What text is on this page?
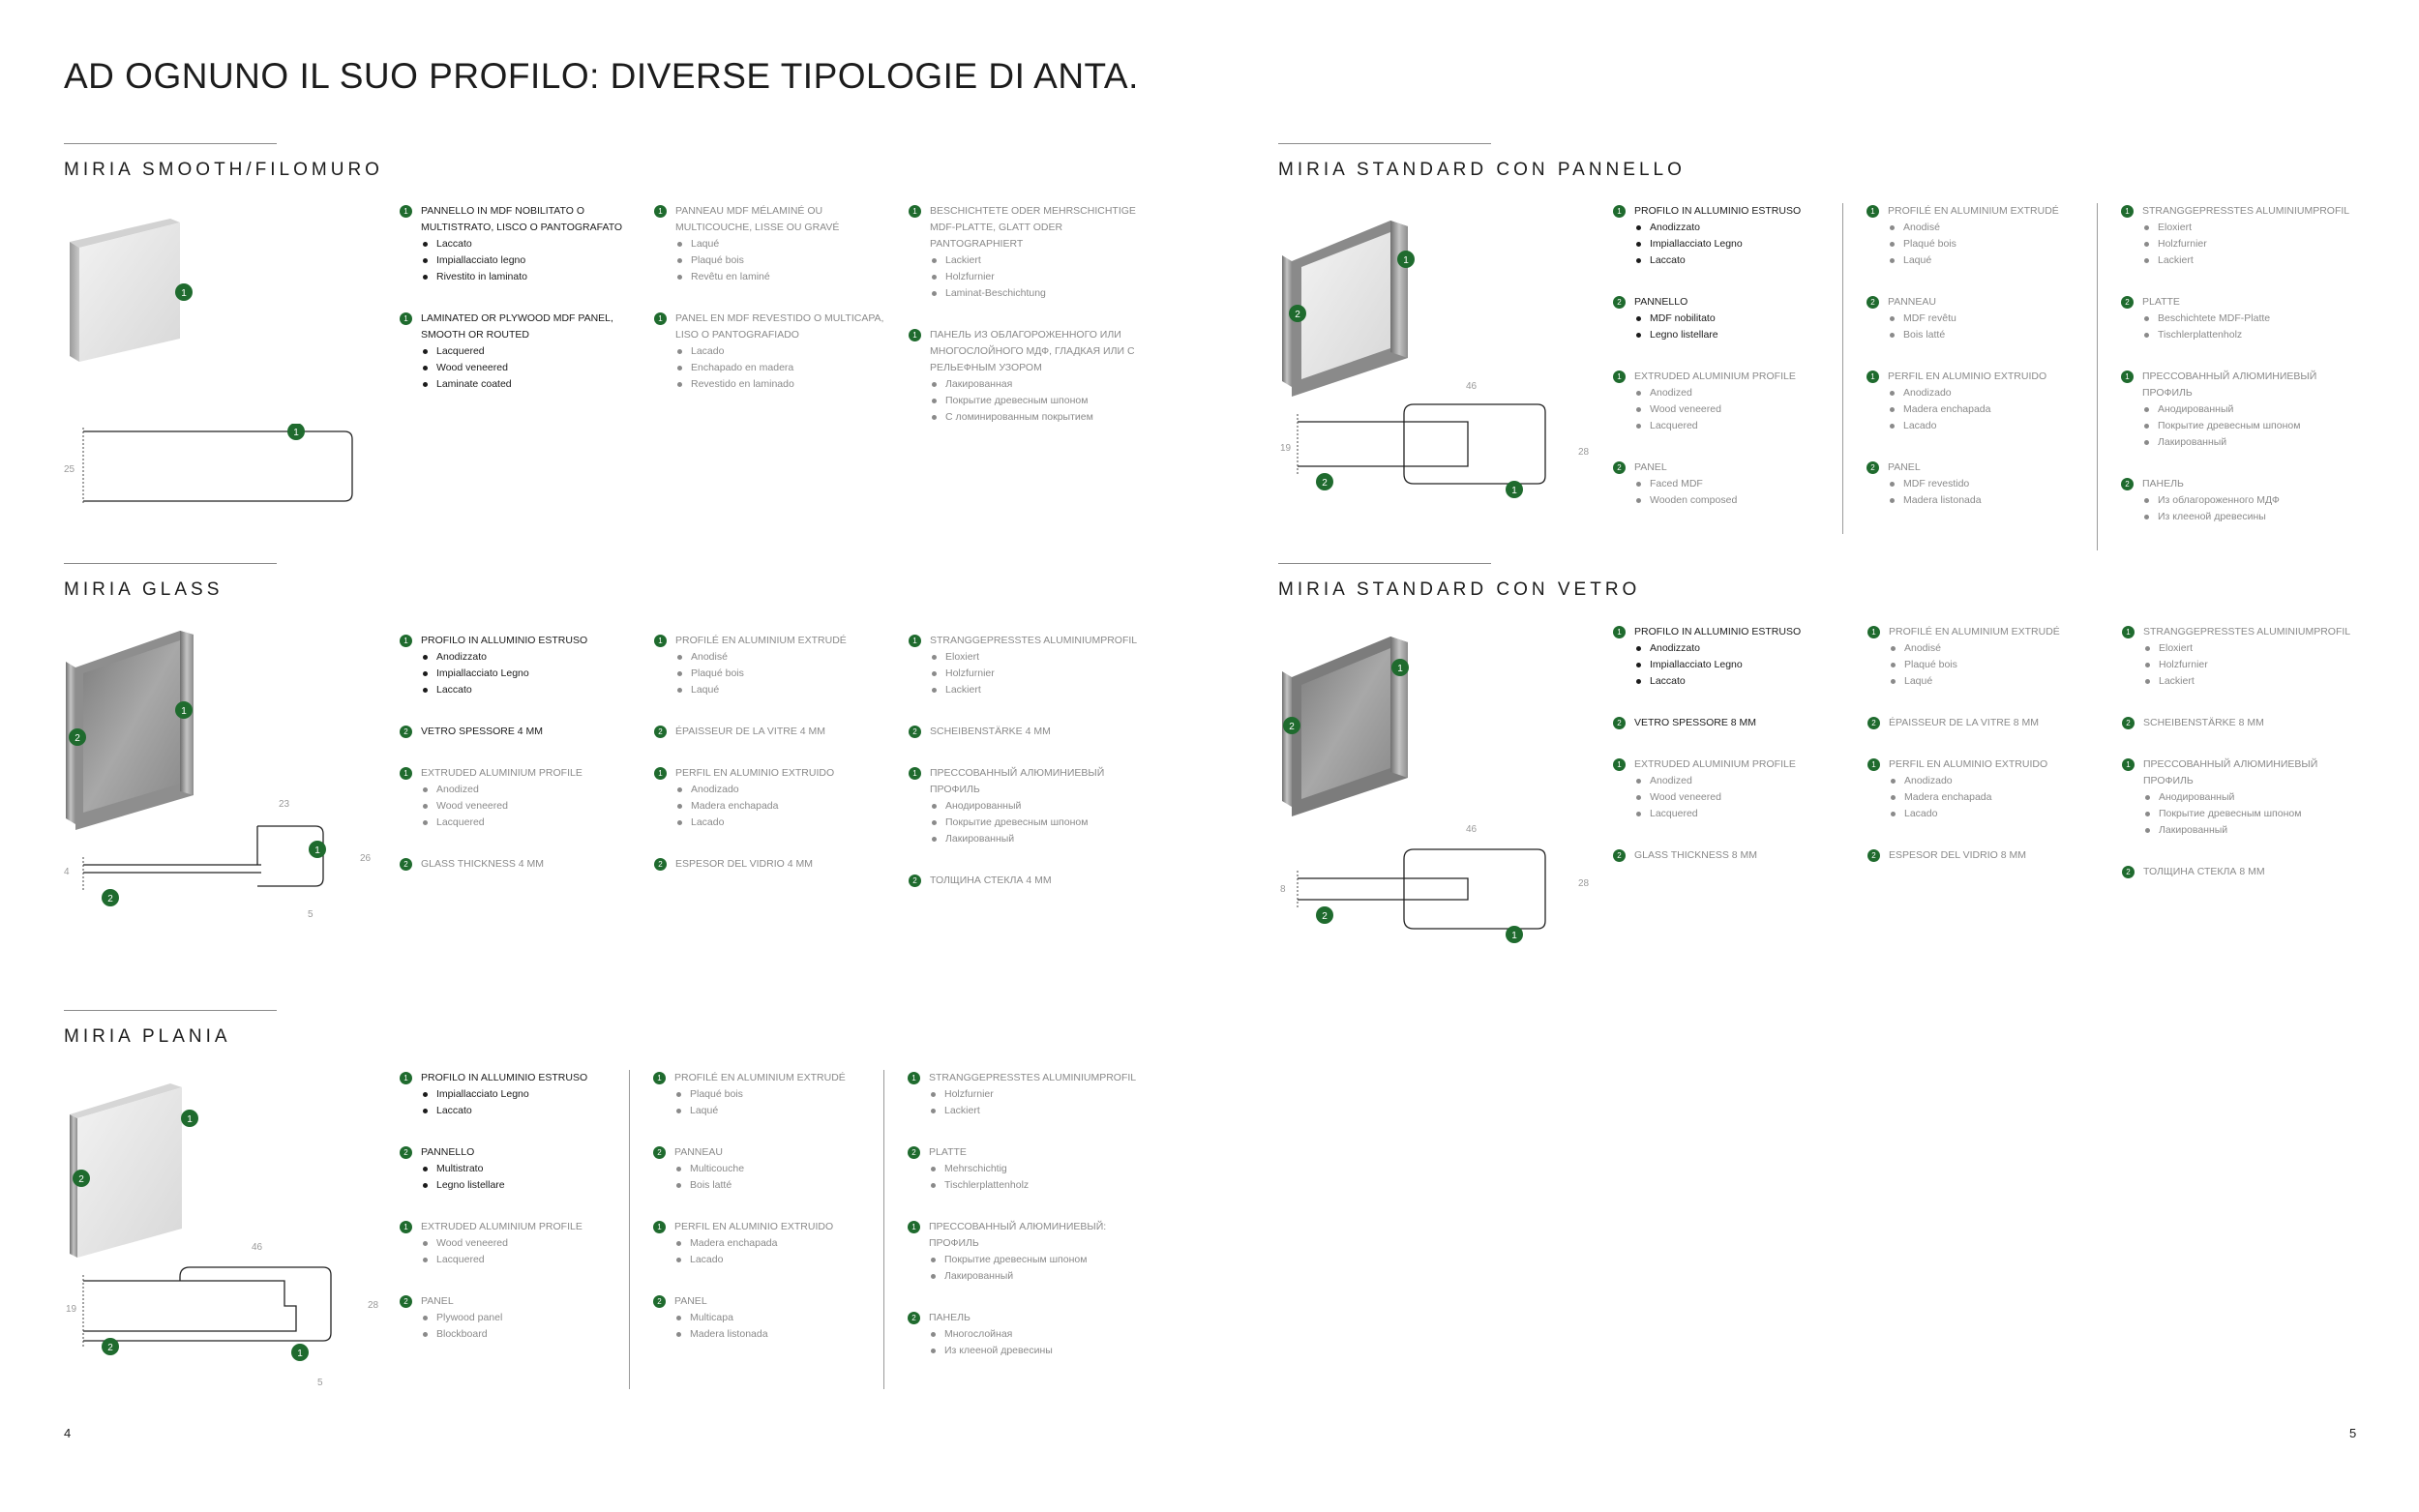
AD OGNUNO IL SUO PROFILO: DIVERSE TIPOLOGIE DI ANTA.
MIRIA SMOOTH/FILOMURO
1
25
1
MIRIA GLASS
1
2
23
4
26
5
1
2
MIRIA PLANIA
1
2
46
19	28
5
2
1
MIRIA STANDARD CON PANNELLO
1
2
46
19	28
2
1
MIRIA STANDARD CON VETRO
1
2
46
8
28
2
1
1	PANNELLO IN MDF NOBILITATO O MULTISTRATO, LISCO O PANTOGRAFATO
Laccato
Impiallacciato legno
Rivestito in laminato
1	LAMINATED OR PLYWOOD MDF PANEL, SMOOTH OR ROUTED
Lacquered
Wood veneered
Laminate coated
1	PANNEAU MDF MÉLAMINÉ OU MULTICOUCHE, LISSE OU GRAVÉ
Laqué
Plaqué bois
Revêtu en laminé
1	PANEL EN MDF REVESTIDO O MULTICAPA, LISO O PANTOGRAFIADO
Lacado
Enchapado en madera
Revestido en laminado
1	BESCHICHTETE ODER MEHRSCHICHTIGE MDF-PLATTE, GLATT ODER PANTOGRAPHIERT
Lackiert
Holzfurnier
Laminat-Beschichtung
1	ПАНЕЛЬ ИЗ ОБЛАГОРОЖЕННОГО ИЛИ МНОГОСЛОЙНОГО МДФ, ГЛАДКАЯ ИЛИ С РЕЛЬЕФНЫМ УЗОРОМ
Лакированная
Покрытие древесным шпоном
С ломинированным покрытием
1	PROFILO IN ALLUMINIO ESTRUSO
Anodizzato
Impiallacciato Legno
Laccato
2	VETRO SPESSORE 4 MM
1	EXTRUDED ALUMINIUM PROFILE
Anodized
Wood veneered
Lacquered
2	GLASS THICKNESS 4 MM
1	PROFILÉ EN ALUMINIUM EXTRUDÉ
Anodisé
Plaqué bois
Laqué
2	ÉPAISSEUR DE LA VITRE 4 MM
1	PERFIL EN ALUMINIO EXTRUIDO
Anodizado
Madera enchapada
Lacado
2	ESPESOR DEL VIDRIO 4 MM
1	STRANGGEPRESSTES ALUMINIUMPROFIL
Eloxiert
Holzfurnier
Lackiert
2	SCHEIBENSTÄRKE 4 MM
1	ПРЕССОВАННЫЙ АЛЮМИНИЕВЫЙ ПРОФИЛЬ
Анодированный
Покрытие древесным шпоном
Лакированный
2	ТОЛЩИНА СТЕКЛА 4 ММ
1	PROFILO IN ALLUMINIO ESTRUSO
Impiallacciato Legno
Laccato
2	PANNELLO
Multistrato
Legno listellare
1	EXTRUDED ALUMINIUM PROFILE
Wood veneered
Lacquered
2	PANEL
Plywood panel
Blockboard
1	PROFILÉ EN ALUMINIUM EXTRUDÉ
Plaqué bois
Laqué
2	PANNEAU
Multicouche
Bois latté
1	PERFIL EN ALUMINIO EXTRUIDO
Madera enchapada
Lacado
2	PANEL
Multicapa
Madera listonada
1	STRANGGEPRESSTES ALUMINIUMPROFIL
Holzfurnier
Lackiert
2	PLATTE
Mehrschichtig
Tischlerplattenholz
1	ПРЕССОВАННЫЙ АЛЮМИНИЕВЫЙ: ПРОФИЛЬ
Покрытие древесным шпоном
Лакированный
2	ПАНЕЛЬ
Многослойная
Из клееной древесины
1	PROFILO IN ALLUMINIO ESTRUSO
Anodizzato
Impiallacciato Legno
Laccato
2	PANNELLO
MDF nobilitato
Legno listellare
1	EXTRUDED ALUMINIUM PROFILE
Anodized
Wood veneered
Lacquered
2	PANEL
Faced MDF
Wooden composed
1	PROFILÉ EN ALUMINIUM EXTRUDÉ
Anodisé
Plaqué bois
Laqué
2	PANNEAU
MDF revêtu
Bois latté
1	PERFIL EN ALUMINIO EXTRUIDO
Anodizado
Madera enchapada
Lacado
2	PANEL
MDF revestido
Madera listonada
1	STRANGGEPRESSTES ALUMINIUMPROFIL
Eloxiert
Holzfurnier
Lackiert
2	PLATTE
Beschichtete MDF-Platte
Tischlerplattenholz
1	ПРЕССОВАННЫЙ АЛЮМИНИЕВЫЙ ПРОФИЛЬ
Анодированный
Покрытие древесным шпоном
Лакированный
2	ПАНЕЛЬ
Из облагороженного МДФ
Из клееной древесины
1	PROFILO IN ALLUMINIO ESTRUSO
Anodizzato
Impiallacciato Legno
Laccato
2	VETRO SPESSORE 8 MM
1	EXTRUDED ALUMINIUM PROFILE
Anodized
Wood veneered
Lacquered
2	GLASS THICKNESS 8 MM
1	PROFILÉ EN ALUMINIUM EXTRUDÉ
Anodisé
Plaqué bois
Laqué
2	ÉPAISSEUR DE LA VITRE 8 MM
1	PERFIL EN ALUMINIO EXTRUIDO
Anodizado
Madera enchapada
Lacado
2	ESPESOR DEL VIDRIO 8 MM
1	STRANGGEPRESSTES ALUMINIUMPROFIL
Eloxiert
Holzfurnier
Lackiert
2	SCHEIBENSTÄRKE 8 MM
1	ПРЕССОВАННЫЙ АЛЮМИНИЕВЫЙ ПРОФИЛЬ
Анодированный
Покрытие древесным шпоном
Лакированный
2	ТОЛЩИНА СТЕКЛА 8 ММ
4	5
